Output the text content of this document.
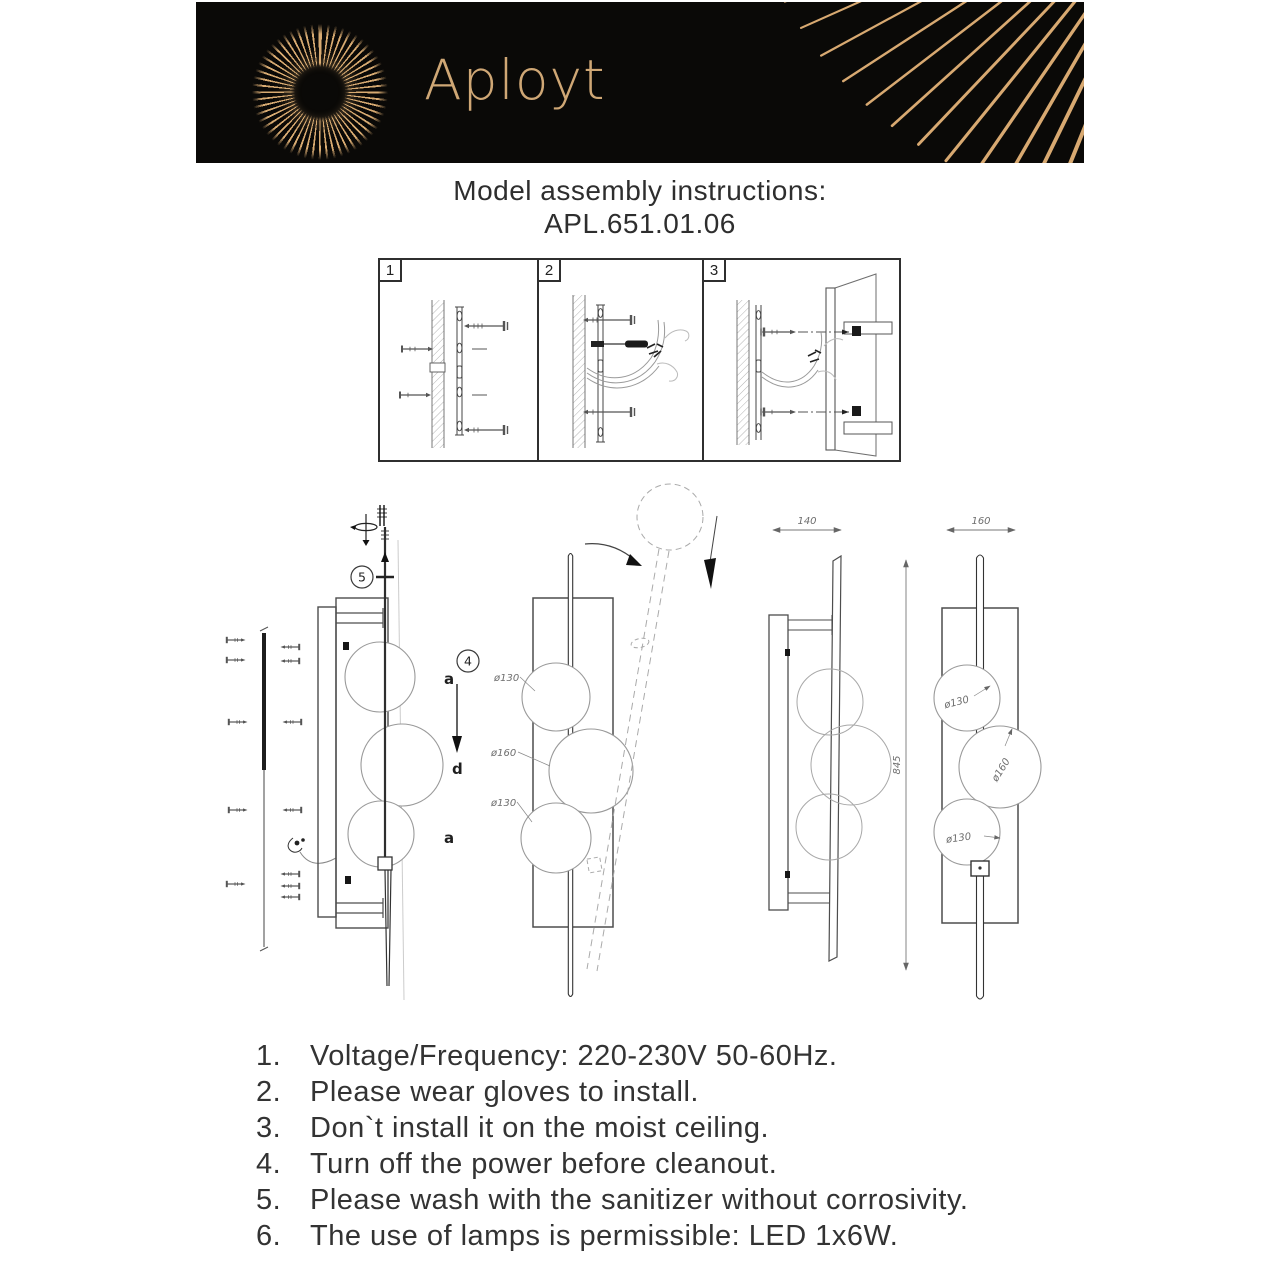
Aployt
Model assembly instructions:
APL.651.01.06
1	2	3
5
a
4
d
a
ø130
ø160
ø130
140
845
160
ø130
ø160
ø130
1. Voltage/Frequency: 220-230V 50-60Hz.
2. Please wear gloves to install.
3. Don`t install it on the moist ceiling.
4. Turn off the power before cleanout.
5. Please wash with the sanitizer without corrosivity.
6. The use of lamps is permissible: LED 1x6W.
